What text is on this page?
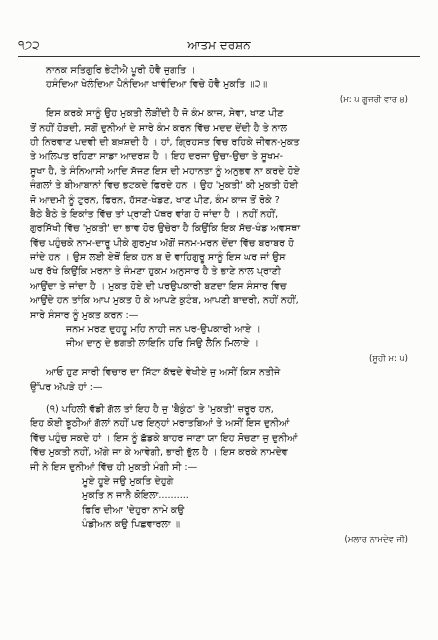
੧੭੨	ਆਤਮ ਦਰਸ਼ਨ
ਨਾਨਕ ਸਤਿਗੁਰਿ ਭੇਟੀਐ ਪੂਰੀ ਹੋਵੈ ਜੁਗਤਿ ।
ਹਸੰਦਿਆ ਖੇਲੰਦਿਆ ਪੈਨੰਦਿਆ ਖਾਵੰਦਿਆ ਵਿਚੇ ਹੋਵੈ ਮੁਕਤਿ ॥੨॥
(ਮ: ੫ ਗੂਜਰੀ ਵਾਰ ੪)
ਇਸ ਕਰਕੇ ਸਾਨੂੰ ਉਹ ਮੁਕਤੀ ਲੋੜੀਂਦੀ ਹੈ ਜੋ ਕੰਮ ਕਾਜ, ਸੇਵਾ, ਖਾਣ ਪੀਣ
ਤੋਂ ਨਹੀਂ ਹੋੜਦੀ, ਸਗੋਂ ਦੁਨੀਆਂ ਦੇ ਸਾਰੇ ਕੰਮ ਕਰਨ ਵਿੱਚ ਮਦਦ ਦੇਂਦੀ ਹੈ ਤੇ ਨਾਲ
ਹੀ ਨਿਰਵਾਣ ਪਦਵੀ ਦੀ ਬਖ਼ਸ਼ਦੀ ਹੈ । ਹਾਂ, ਗ੍ਰਿਹਸਤ ਵਿਚ ਰਹਿਕੇ ਜੀਵਨ-ਮੁਕਤ
ਤੇ ਅਲਿਪਤ ਰਹਿਣਾ ਸਾਡਾ ਆਦਰਸ਼ ਹੈ । ਇਹ ਦਰਜਾ ਉਚਾ-ਉਚਾ ਤੇ ਸੂਖਮ-
ਸੂਖਾ ਹੈ, ਤੇ ਸੰਨਿਆਸੀ ਆਦਿ ਸੱਜਣ ਇਸ ਦੀ ਮਹਾਨਤਾ ਨੂੰ ਅਨੁਭਵ ਨਾ ਕਰਦੇ ਹੋਏ
ਜੰਗਲਾਂ ਤੇ ਬੀਆਬਾਨਾਂ ਵਿਚ ਭਟਕਦੇ ਫਿਰਦੇ ਹਨ । ਉਹ 'ਮੁਕਤੀ' ਕੀ ਮੁਕਤੀ ਹੋਈ
ਜੋ ਆਦਮੀ ਨੂੰ ਟੁਰਨ, ਫਿਰਨ, ਹੱਸਣ-ਖੇਡਣ, ਖਾਣ ਪੀਣ, ਕੰਮ ਕਾਜ ਤੋਂ ਰੋਕੇ ?
ਬੈਠੇ ਬੈਠੇ ਤੇ ਇਕਾਂਤ ਵਿੱਚ ਤਾਂ ਪ੍ਰਾਣੀ ਪੱਥਰ ਵਾਂਗ ਹੋ ਜਾਂਦਾ ਹੈ । ਨਹੀਂ ਨਹੀਂ,
ਗੁਰਸਿੱਖੀ ਵਿੱਚ 'ਮੁਕਤੀ' ਦਾ ਭਾਵ ਹੋਰ ਉਚੇਰਾ ਹੈ ਕਿਉਂਕਿ ਇਕ ਸੱਚ-ਖੰਡ ਅਵਸਥਾ
ਵਿੱਚ ਪਹੁੰਚਕੇ ਨਾਮ-ਦਾਰੂ ਪੀਕੇ ਗੁਰਮੁਖ ਅੱਗੋਂ ਜਨਮ-ਮਰਨ ਦੇਂਦਾ ਵਿੱਚ ਬਰਾਬਰ ਹੋ
ਜਾਂਦੇ ਹਨ । ਉਸ ਲਈ ਏਥੋਂ ਇਕ ਹਨ ਬ ਦੋ ਵਾਹਿਗੁਰੂ ਸਾਨੂੰ ਇਸ ਘਰ ਜਾਂ ਉਸ
ਘਰ ਰੱਖੇ ਕਿਉਂਕਿ ਮਰਨਾ ਤੇ ਜੰਮਣਾ ਹੁਕਮ ਅਨੁਸਾਰ ਹੈ ਤੇ ਭਾਣੇ ਨਾਲ ਪ੍ਰਾਣੀ
ਆਉਂਦਾ ਤੇ ਜਾਂਦਾ ਹੈ । ਮੁਕਤ ਹੋਏ ਦੀ ਪਰਉਪਕਾਰੀ ਬਣਦਾ ਇਸ ਸੰਸਾਰ ਵਿਚ
ਆਉਂਦੇ ਹਨ ਤਾਂਕਿ ਆਪ ਮੁਕਤ ਹੋ ਕੇ ਆਪਣੇ ਕੁਟੰਬ, ਆਪਣੀ ਬਾਦਰੀ, ਨਹੀਂ ਨਹੀਂ,
ਸਾਰੇ ਸੰਸਾਰ ਨੂੰ ਮੁਕਤ ਕਰਨ :—
ਜਨਮ ਮਰਣ ਦੁਹਹੂ ਮਹਿ ਨਾਹੀ ਜਨ ਪਰ-ਉਪਕਾਰੀ ਆਏ ।
ਜੀਅ ਦਾਨੁ ਦੇ ਭਗਤੀ ਲਾਇਨਿ ਹਰਿ ਸਿਉ ਲੈਨਿ ਮਿਲਾਏ ।
(ਸੂਹੀ ਮ: ੫)
ਆਓ ਹੁਣ ਸਾਰੀ ਵਿਚਾਰ ਦਾ ਸਿੱਟਾ ਕੱਢਦੇ ਵੇਖੀਏ ਜੁ ਅਸੀਂ ਕਿਸ ਨਤੀਜੇ
ਉੱਪਰ ਅੱਪੜੇ ਹਾਂ :—
(੧) ਪਹਿਲੀ ਵੱਡੀ ਗੱਲ ਤਾਂ ਇਹ ਹੈ ਜੁ 'ਬੈਕੁੰਠ' ਤੇ 'ਮੁਕਤੀ' ਜ਼ਰੂਰ ਹਨ,
ਇਹ ਕੋਈ ਝੂਠੀਆਂ ਗੱਲਾਂ ਨਹੀਂ ਪਰ ਇਨ੍ਹਾਂ ਮਰਾਤਬਿਆਂ ਤੇ ਅਸੀਂ ਇਸ ਦੁਨੀਆਂ
ਵਿੱਚ ਪਹੁੰਚ ਸਕਦੇ ਹਾਂ । ਇਸ ਨੂੰ ਛੱਡਕੇ ਬਾਹਰ ਜਾਣਾ ਯਾ ਇਹ ਸੋਚਣਾ ਜੁ ਦੁਨੀਆਂ
ਵਿੱਚ ਮੁਕਤੀ ਨਹੀਂ, ਅੱਗੇ ਜਾ ਕੇ ਆਵੇਗੀ, ਭਾਰੀ ਭੁੱਲ ਹੈ । ਇਸ ਕਰਕੇ ਨਾਮਦੇਵ
ਜੀ ਨੇ ਇਸ ਦੁਨੀਆਂ ਵਿੱਚ ਹੀ ਮੁਕਤੀ ਮੰਗੀ ਸੀ :—
ਮੂਏ ਹੂਏ ਜਉ ਮੁਕਤਿ ਦੇਹੁਗੇ
ਮੁਕਤਿ ਨ ਜਾਨੈ ਕੋਇਲਾ..........
ਫਿਰਿ ਦੀਆ 'ਦੇਹੁਰਾ ਨਾਮੇ ਕਉ
ਪੰਡੀਅਨ ਕਉ ਪਿਛਵਾਰਲਾ ॥
(ਮਲਾਰ ਨਾਮਦੇਵ ਜੀ)
